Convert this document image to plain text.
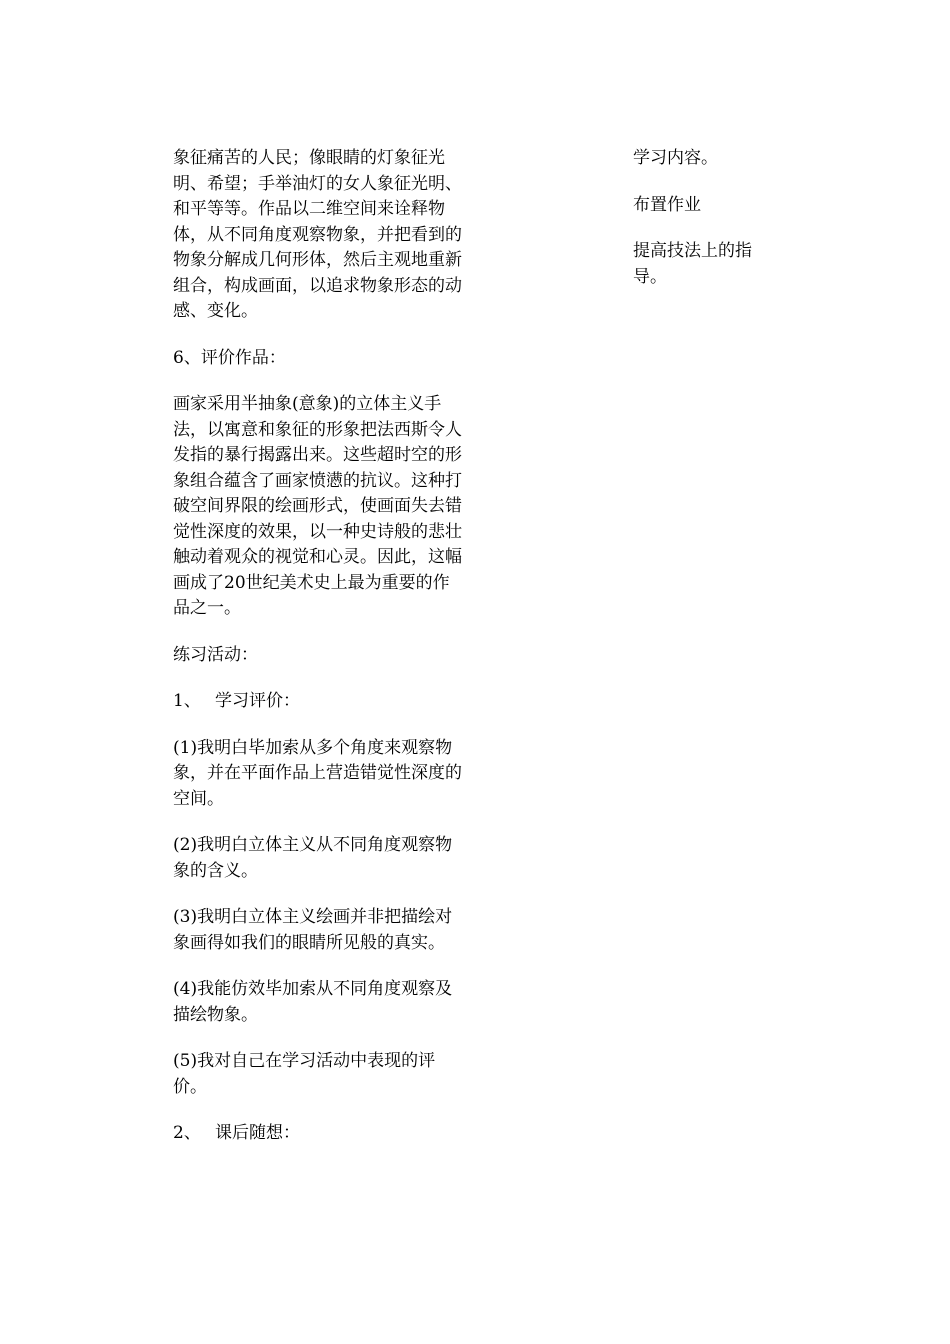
象征痛苦的人民；像眼睛的灯象征光明、希望；手举油灯的女人象征光明、和平等等。作品以二维空间来诠释物体，从不同角度观察物象，并把看到的物象分解成几何形体，然后主观地重新组合，构成画面，以追求物象形态的动感、变化。

6、评价作品：

画家采用半抽象(意象)的立体主义手法，以寓意和象征的形象把法西斯令人发指的暴行揭露出来。这些超时空的形象组合蕴含了画家愤懑的抗议。这种打破空间界限的绘画形式，使画面失去错觉性深度的效果，以一种史诗般的悲壮触动着观众的视觉和心灵。因此，这幅画成了20世纪美术史上最为重要的作品之一。

练习活动：

1、 学习评价：

(1)我明白毕加索从多个角度来观察物象，并在平面作品上营造错觉性深度的空间。

(2)我明白立体主义从不同角度观察物象的含义。

(3)我明白立体主义绘画并非把描绘对象画得如我们的眼睛所见般的真实。

(4)我能仿效毕加索从不同角度观察及描绘物象。

(5)我对自己在学习活动中表现的评价。

2、 课后随想：

学习内容。

布置作业

提高技法上的指导。
